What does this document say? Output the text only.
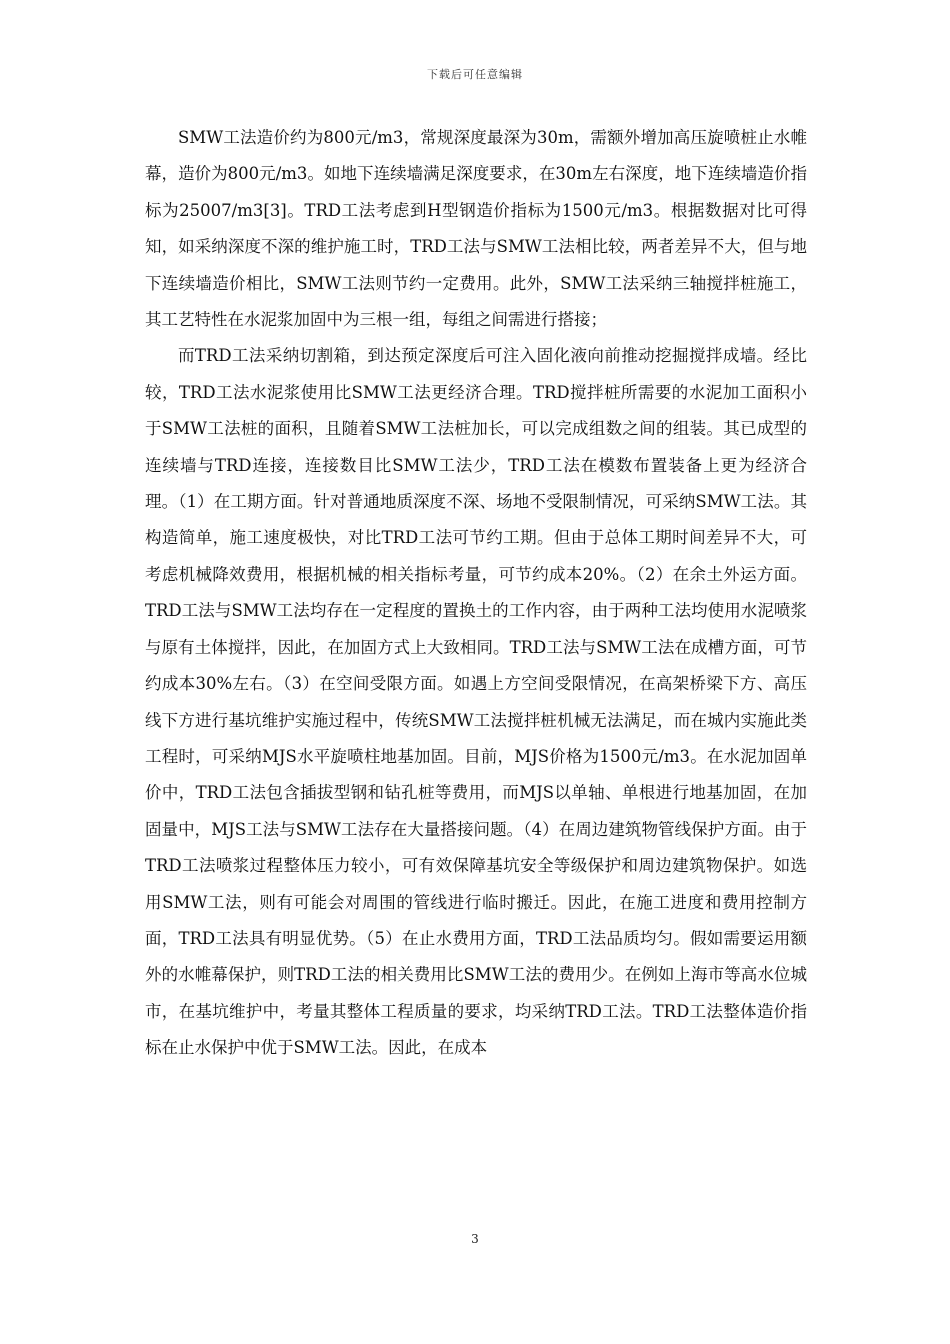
下载后可任意编辑

SMW工法造价约为800元/m3，常规深度最深为30m，需额外增加高压旋喷桩止水帷幕，造价为800元/m3。如地下连续墙满足深度要求，在30m左右深度，地下连续墙造价指标为25007/m3[3]。TRD工法考虑到H型钢造价指标为1500元/m3。根据数据对比可得知，如采纳深度不深的维护施工时，TRD工法与SMW工法相比较，两者差异不大，但与地下连续墙造价相比，SMW工法则节约一定费用。此外，SMW工法采纳三轴搅拌桩施工，其工艺特性在水泥浆加固中为三根一组，每组之间需进行搭接；

而TRD工法采纳切割箱，到达预定深度后可注入固化液向前推动挖掘搅拌成墙。经比较，TRD工法水泥浆使用比SMW工法更经济合理。TRD搅拌桩所需要的水泥加工面积小于SMW工法桩的面积，且随着SMW工法桩加长，可以完成组数之间的组装。其已成型的连续墙与TRD连接，连接数目比SMW工法少，TRD工法在模数布置装备上更为经济合理。（1）在工期方面。针对普通地质深度不深、场地不受限制情况，可采纳SMW工法。其构造简单，施工速度极快，对比TRD工法可节约工期。但由于总体工期时间差异不大，可考虑机械降效费用，根据机械的相关指标考量，可节约成本20%。（2）在余土外运方面。TRD工法与SMW工法均存在一定程度的置换土的工作内容，由于两种工法均使用水泥喷浆与原有土体搅拌，因此，在加固方式上大致相同。TRD工法与SMW工法在成槽方面，可节约成本30%左右。（3）在空间受限方面。如遇上方空间受限情况，在高架桥梁下方、高压线下方进行基坑维护实施过程中，传统SMW工法搅拌桩机械无法满足，而在城内实施此类工程时，可采纳MJS水平旋喷柱地基加固。目前，MJS价格为1500元/m3。在水泥加固单价中，TRD工法包含插拔型钢和钻孔桩等费用，而MJS以单轴、单根进行地基加固，在加固量中，MJS工法与SMW工法存在大量搭接问题。（4）在周边建筑物管线保护方面。由于TRD工法喷浆过程整体压力较小，可有效保障基坑安全等级保护和周边建筑物保护。如选用SMW工法，则有可能会对周围的管线进行临时搬迁。因此，在施工进度和费用控制方面，TRD工法具有明显优势。（5）在止水费用方面，TRD工法品质均匀。假如需要运用额外的水帷幕保护，则TRD工法的相关费用比SMW工法的费用少。在例如上海市等高水位城市，在基坑维护中，考量其整体工程质量的要求，均采纳TRD工法。TRD工法整体造价指标在止水保护中优于SMW工法。因此，在成本

3
